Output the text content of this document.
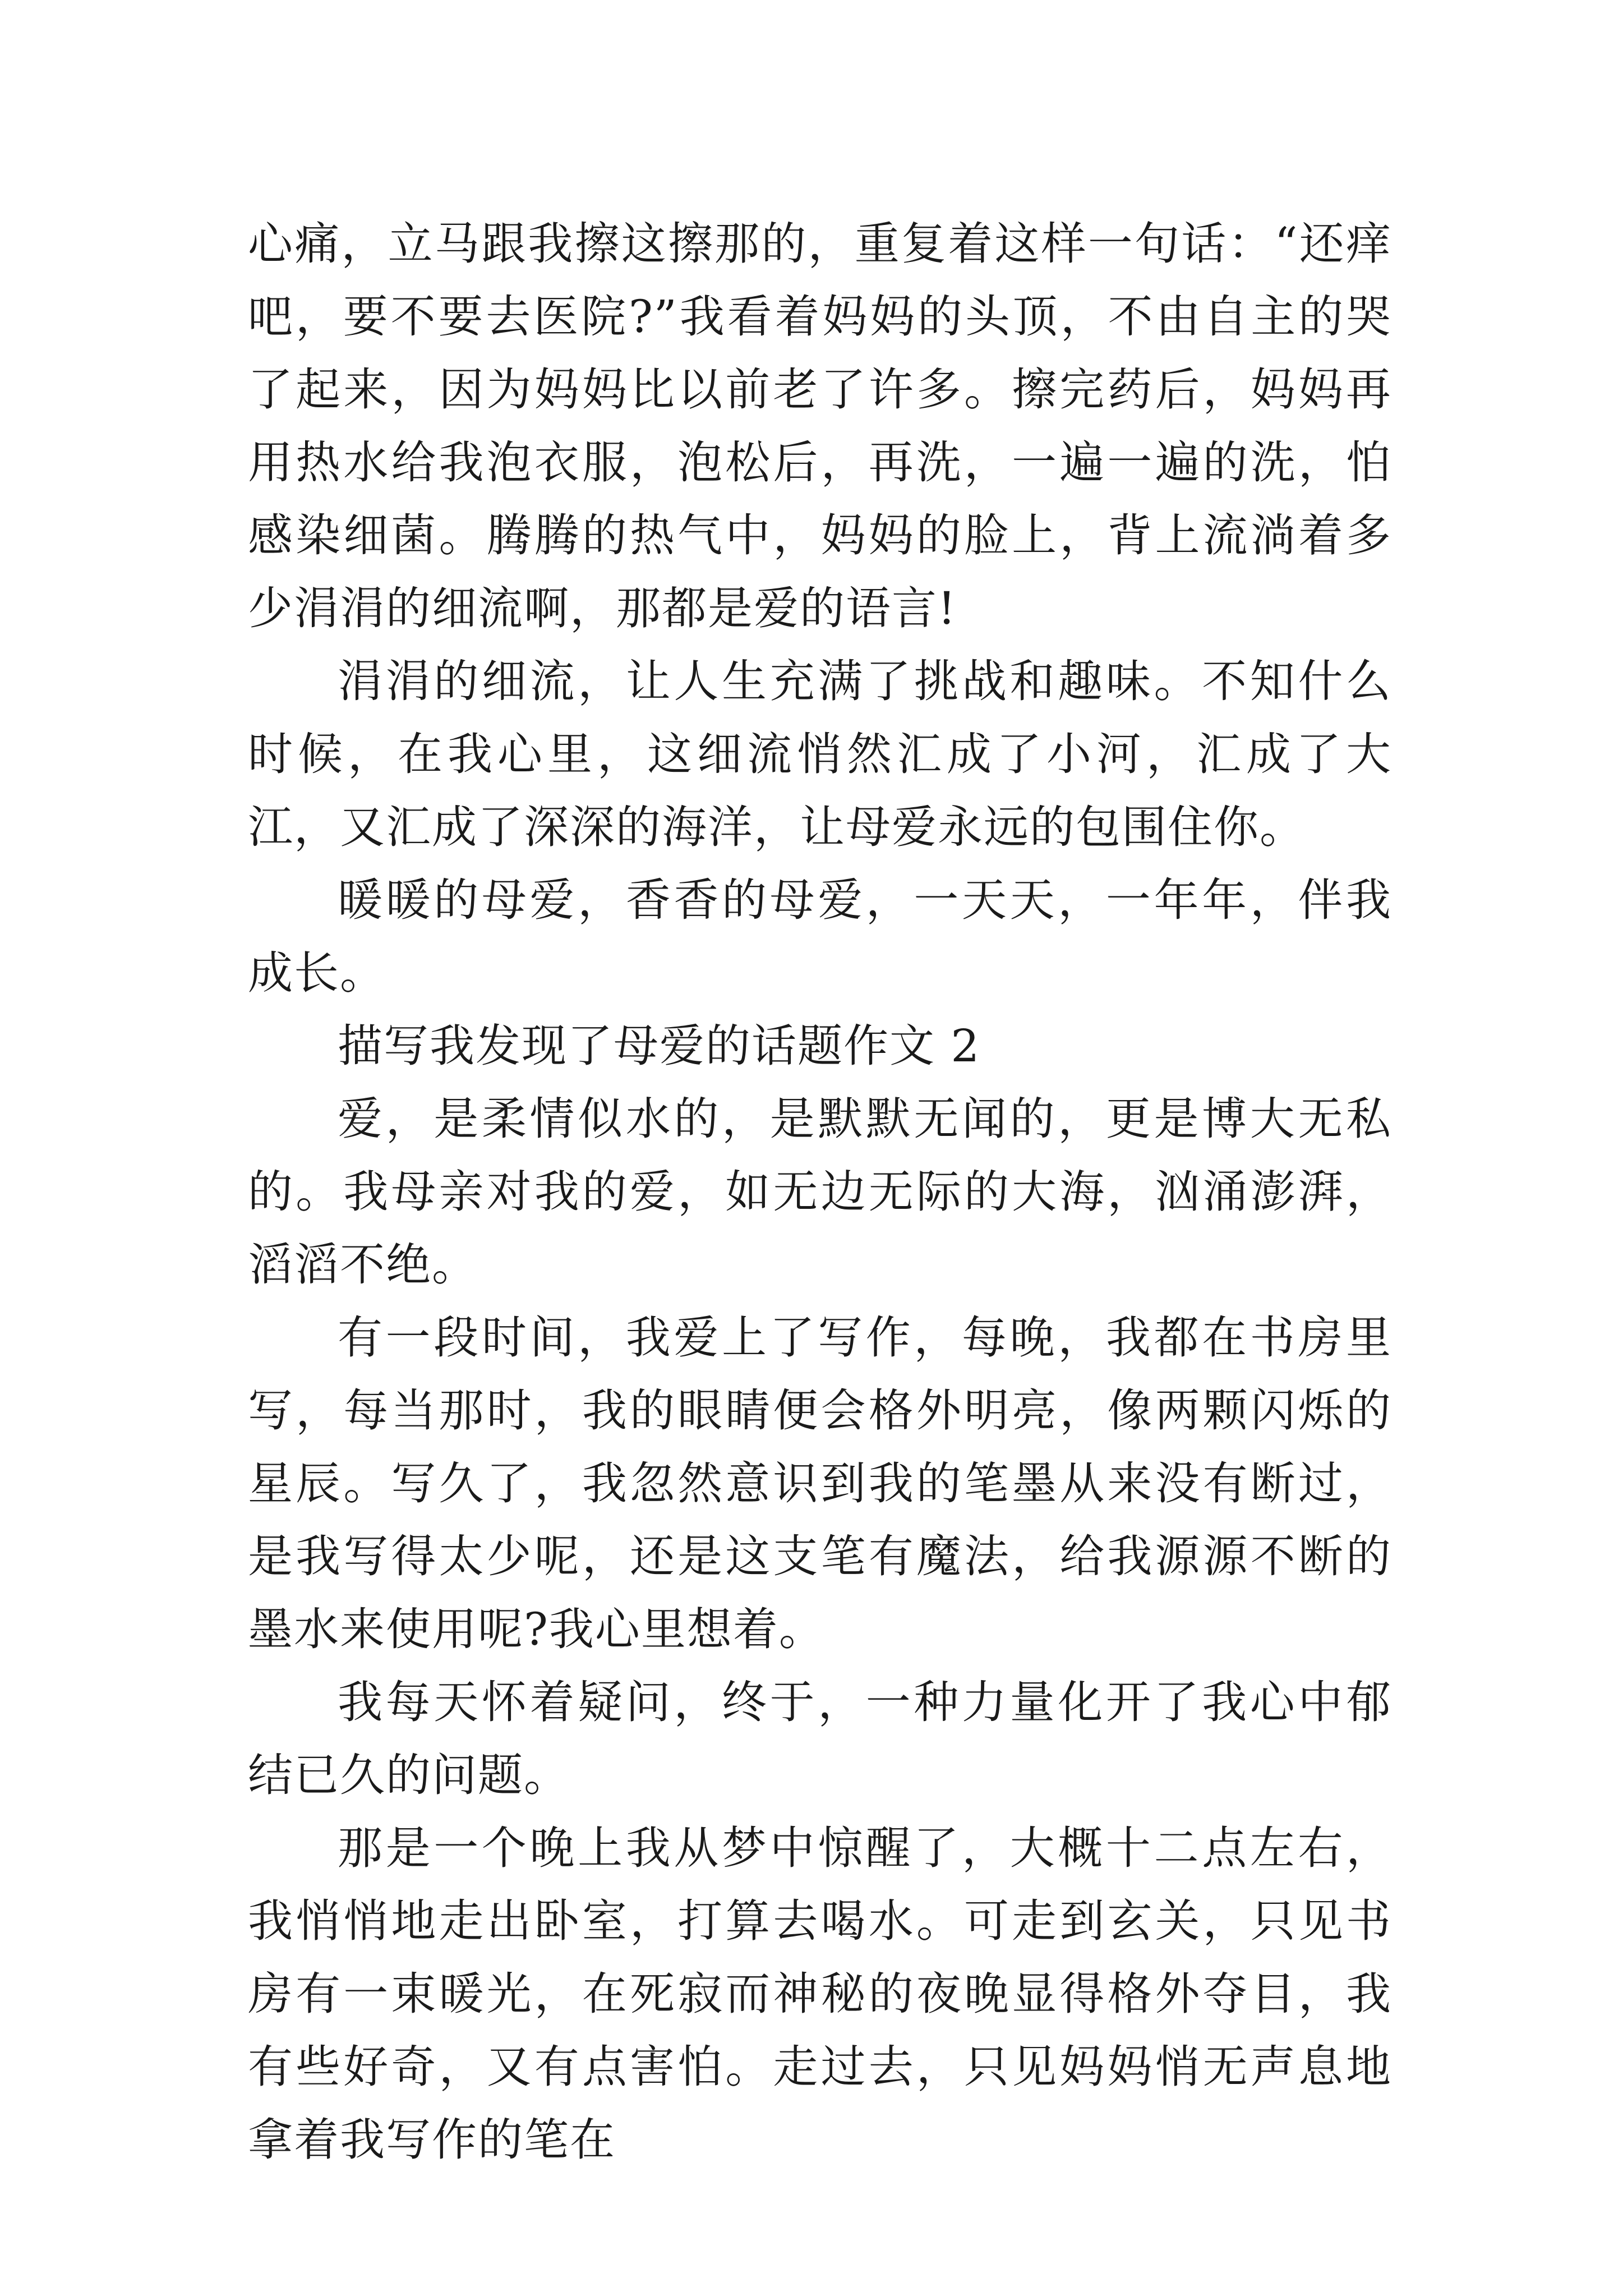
心痛，立马跟我擦这擦那的，重复着这样一句话：“还痒吧，要不要去医院?”我看着妈妈的头顶，不由自主的哭了起来，因为妈妈比以前老了许多。擦完药后，妈妈再用热水给我泡衣服，泡松后，再洗，一遍一遍的洗，怕感染细菌。腾腾的热气中，妈妈的脸上，背上流淌着多少涓涓的细流啊，那都是爱的语言!

涓涓的细流，让人生充满了挑战和趣味。不知什么时候，在我心里，这细流悄然汇成了小河，汇成了大江，又汇成了深深的海洋，让母爱永远的包围住你。

暖暖的母爱，香香的母爱，一天天，一年年，伴我成长。

描写我发现了母爱的话题作文 2

爱，是柔情似水的，是默默无闻的，更是博大无私的。我母亲对我的爱，如无边无际的大海，汹涌澎湃，滔滔不绝。

有一段时间，我爱上了写作，每晚，我都在书房里写，每当那时，我的眼睛便会格外明亮，像两颗闪烁的星辰。写久了，我忽然意识到我的笔墨从来没有断过，是我写得太少呢，还是这支笔有魔法，给我源源不断的墨水来使用呢?我心里想着。

我每天怀着疑问，终于，一种力量化开了我心中郁结已久的问题。

那是一个晚上我从梦中惊醒了，大概十二点左右，我悄悄地走出卧室，打算去喝水。可走到玄关，只见书房有一束暖光，在死寂而神秘的夜晚显得格外夺目，我有些好奇，又有点害怕。走过去，只见妈妈悄无声息地拿着我写作的笔在
